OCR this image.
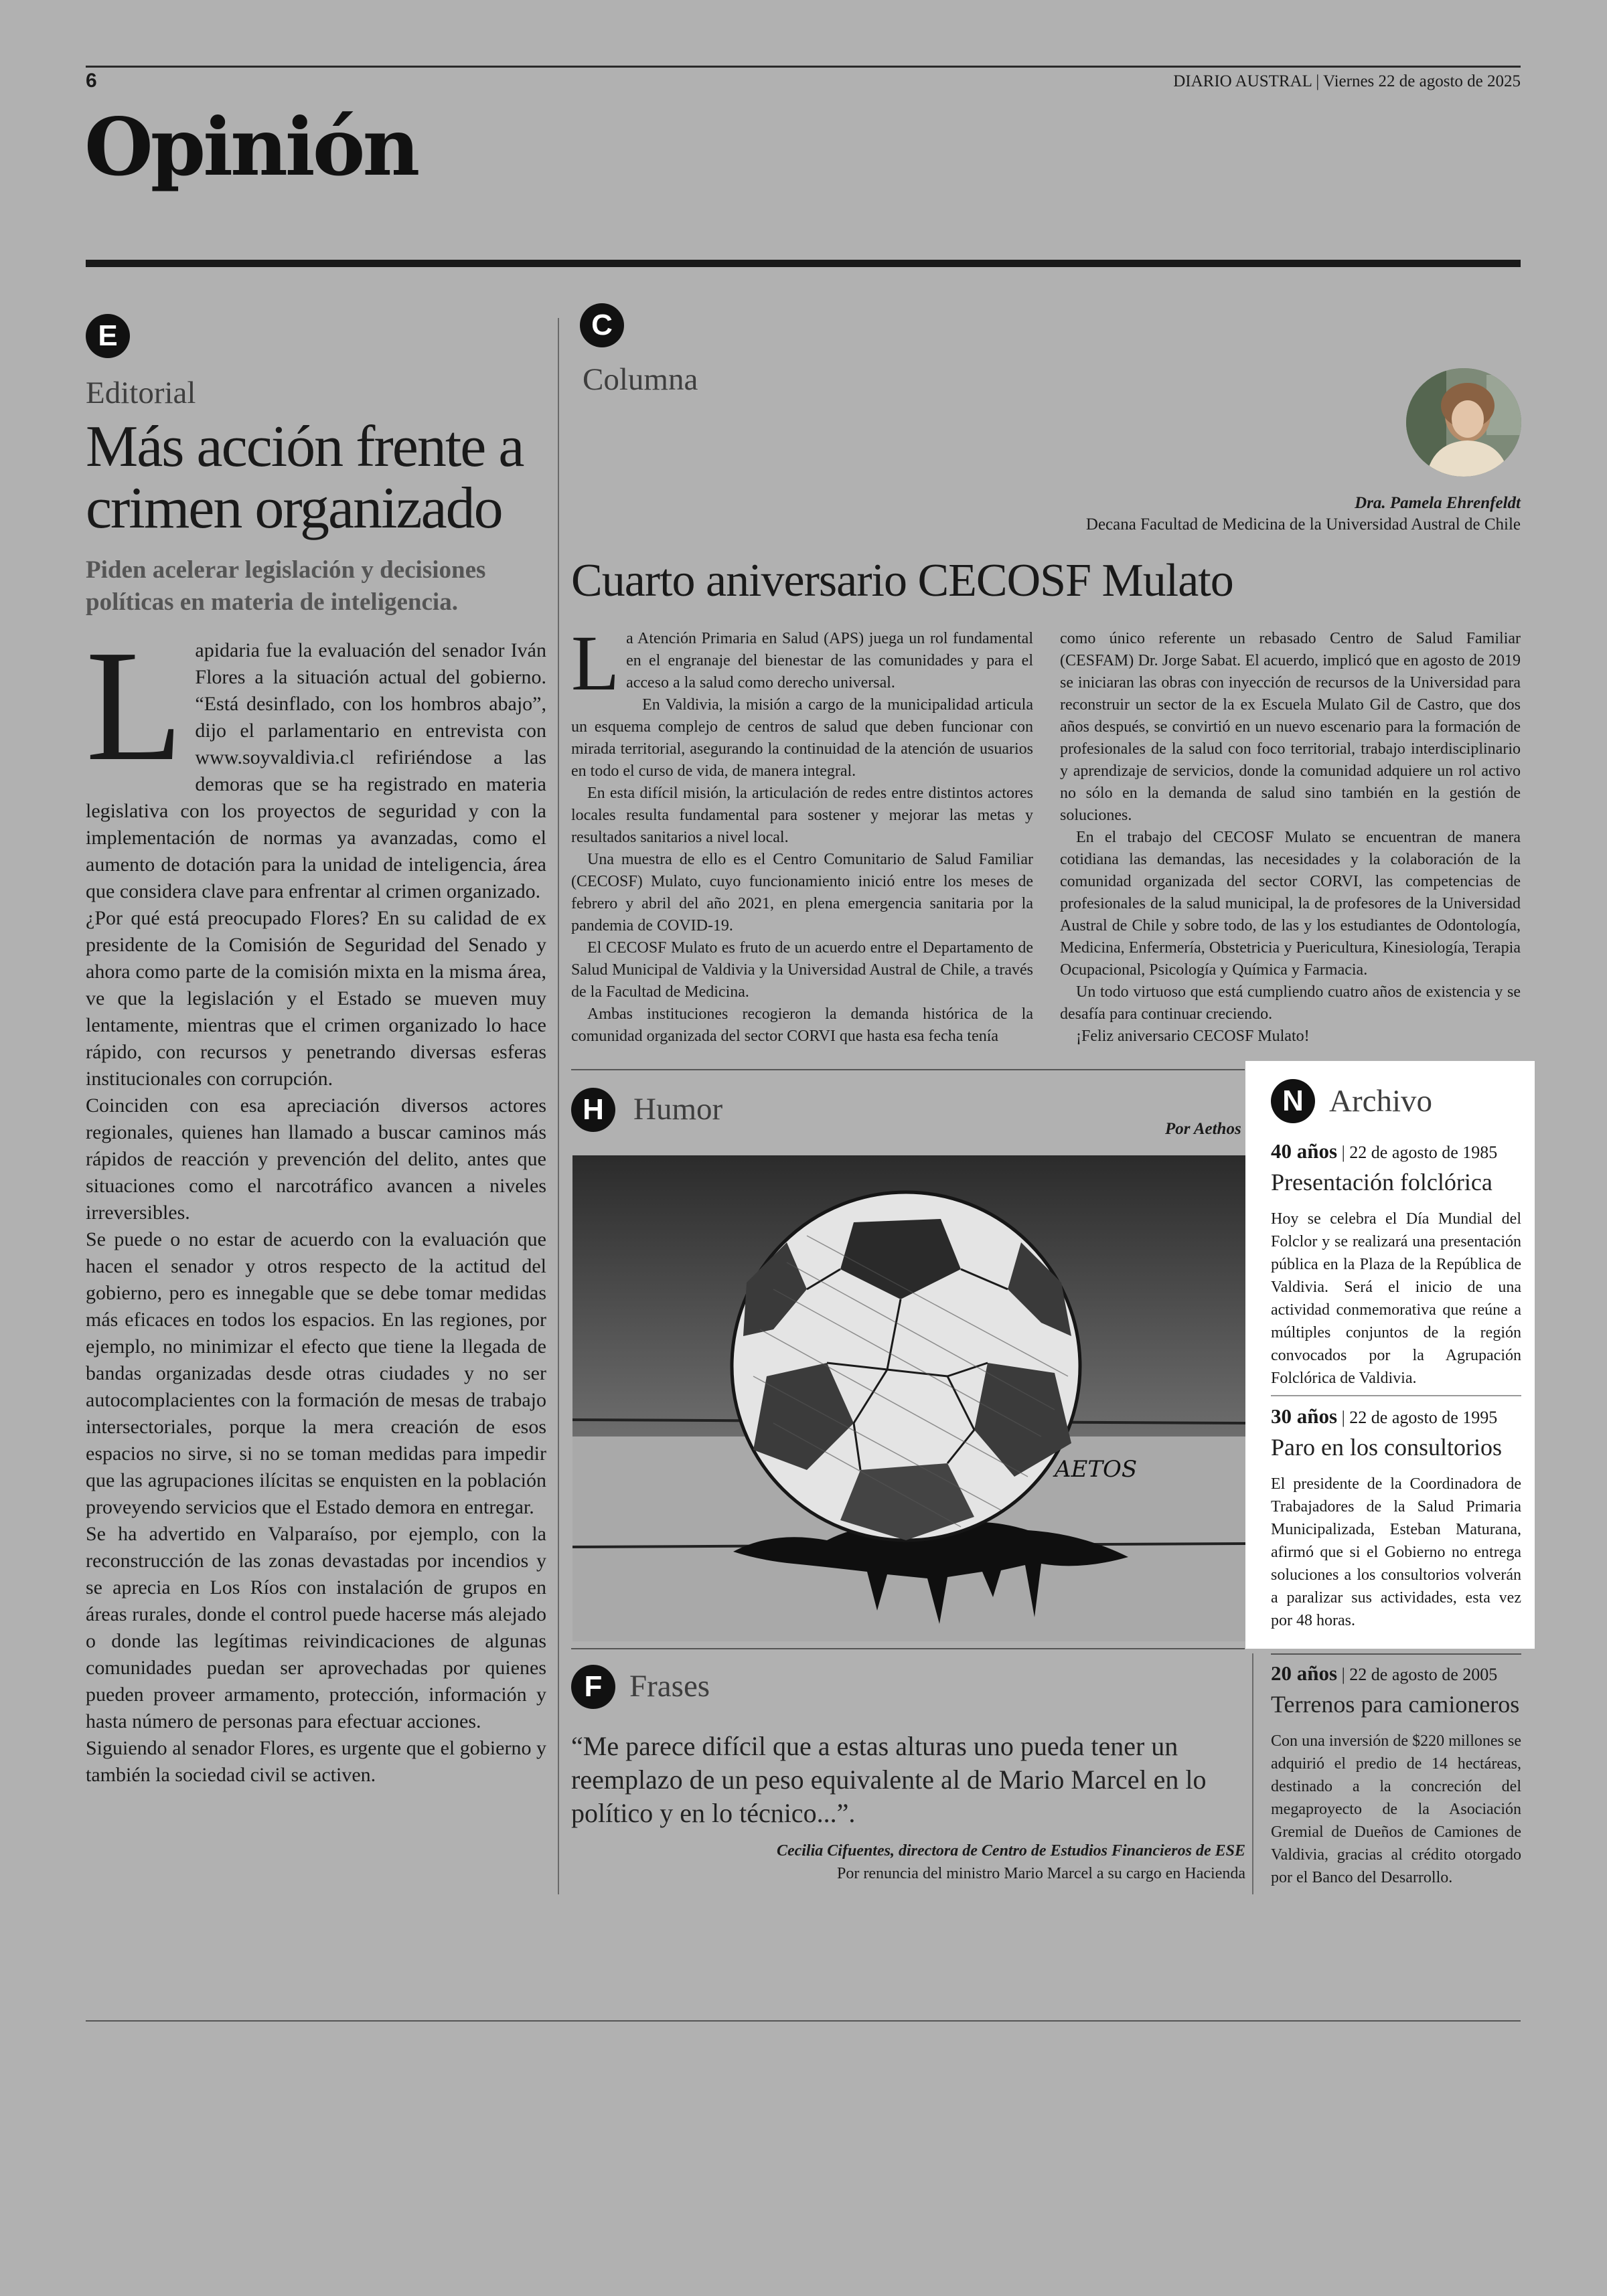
6	DIARIO AUSTRAL | Viernes 22 de agosto de 2025
Opinión
E
Editorial
Más acción frente a crimen organizado
Piden acelerar legislación y decisiones políticas en materia de inteligencia.
L apidaria fue la evaluación del senador Iván Flores a la situación actual del gobierno. “Está desinflado, con los hombros abajo”, dijo el parlamentario en entrevista con www.soyvaldivia.cl refiriéndose a las demoras que se ha registrado en materia legislativa con los proyectos de seguridad y con la implementación de normas ya avanzadas, como el aumento de dotación para la unidad de inteligencia, área que considera clave para enfrentar al crimen organizado.

¿Por qué está preocupado Flores? En su calidad de ex presidente de la Comisión de Seguridad del Senado y ahora como parte de la comisión mixta en la misma área, ve que la legislación y el Estado se mueven muy lentamente, mientras que el crimen organizado lo hace rápido, con recursos y penetrando diversas esferas institucionales con corrupción.

Coinciden con esa apreciación diversos actores regionales, quienes han llamado a buscar caminos más rápidos de reacción y prevención del delito, antes que situaciones como el narcotráfico avancen a niveles irreversibles.

Se puede o no estar de acuerdo con la evaluación que hacen el senador y otros respecto de la actitud del gobierno, pero es innegable que se debe tomar medidas más eficaces en todos los espacios. En las regiones, por ejemplo, no minimizar el efecto que tiene la llegada de bandas organizadas desde otras ciudades y no ser autocomplacientes con la formación de mesas de trabajo intersectoriales, porque la mera creación de esos espacios no sirve, si no se toman medidas para impedir que las agrupaciones ilícitas se enquisten en la población proveyendo servicios que el Estado demora en entregar.

Se ha advertido en Valparaíso, por ejemplo, con la reconstrucción de las zonas devastadas por incendios y se aprecia en Los Ríos con instalación de grupos en áreas rurales, donde el control puede hacerse más alejado o donde las legítimas reivindicaciones de algunas comunidades puedan ser aprovechadas por quienes pueden proveer armamento, protección, información y hasta número de personas para efectuar acciones.

Siguiendo al senador Flores, es urgente que el gobierno y también la sociedad civil se activen.

C
Columna
Dra. Pamela Ehrenfeldt
Decana Facultad de Medicina de la Universidad Austral de Chile
Cuarto aniversario CECOSF Mulato
L a Atención Primaria en Salud (APS) juega un rol fundamental en el engranaje del bienestar de las comunidades y para el acceso a la salud como derecho universal.

En Valdivia, la misión a cargo de la municipalidad articula un esquema complejo de centros de salud que deben funcionar con mirada territorial, asegurando la continuidad de la atención de usuarios en todo el curso de vida, de manera integral.

En esta difícil misión, la articulación de redes entre distintos actores locales resulta fundamental para sostener y mejorar las metas y resultados sanitarios a nivel local.

Una muestra de ello es el Centro Comunitario de Salud Familiar (CECOSF) Mulato, cuyo funcionamiento inició entre los meses de febrero y abril del año 2021, en plena emergencia sanitaria por la pandemia de COVID-19.

El CECOSF Mulato es fruto de un acuerdo entre el Departamento de Salud Municipal de Valdivia y la Universidad Austral de Chile, a través de la Facultad de Medicina.

Ambas instituciones recogieron la demanda histórica de la comunidad organizada del sector CORVI que hasta esa fecha tenía

como único referente un rebasado Centro de Salud Familiar (CESFAM) Dr. Jorge Sabat. El acuerdo, implicó que en agosto de 2019 se iniciaran las obras con inyección de recursos de la Universidad para reconstruir un sector de la ex Escuela Mulato Gil de Castro, que dos años después, se convirtió en un nuevo escenario para la formación de profesionales de la salud con foco territorial, trabajo interdisciplinario y aprendizaje de servicios, donde la comunidad adquiere un rol activo no sólo en la demanda de salud sino también en la gestión de soluciones.

En el trabajo del CECOSF Mulato se encuentran de manera cotidiana las demandas, las necesidades y la colaboración de la comunidad organizada del sector CORVI, las competencias de profesionales de la salud municipal, la de profesores de la Universidad Austral de Chile y sobre todo, de las y los estudiantes de Odontología, Medicina, Enfermería, Obstetricia y Puericultura, Kinesiología, Terapia Ocupacional, Psicología y Química y Farmacia.

Un todo virtuoso que está cumpliendo cuatro años de existencia y se desafía para continuar creciendo.

¡Feliz aniversario CECOSF Mulato!

H Humor
Por Aethos
AETOS
F Frases
“Me parece difícil que a estas alturas uno pueda tener un reemplazo de un peso equivalente al de Mario Marcel en lo político y en lo técnico...”.
Cecilia Cifuentes, directora de Centro de Estudios Financieros de ESE
Por renuncia del ministro Mario Marcel a su cargo en Hacienda
N Archivo
40 años | 22 de agosto de 1985
Presentación folclórica

Hoy se celebra el Día Mundial del Folclor y se realizará una presentación pública en la Plaza de la República de Valdivia. Será el inicio de una actividad conmemorativa que reúne a múltiples conjuntos de la región convocados por la Agrupación Folclórica de Valdivia.

30 años | 22 de agosto de 1995
Paro en los consultorios

El presidente de la Coordinadora de Trabajadores de la Salud Primaria Municipalizada, Esteban Maturana, afirmó que si el Gobierno no entrega soluciones a los consultorios volverán a paralizar sus actividades, esta vez por 48 horas.

20 años | 22 de agosto de 2005
Terrenos para camioneros

Con una inversión de $220 millones se adquirió el predio de 14 hectáreas, destinado a la concreción del megaproyecto de la Asociación Gremial de Dueños de Camiones de Valdivia, gracias al crédito otorgado por el Banco del Desarrollo.
